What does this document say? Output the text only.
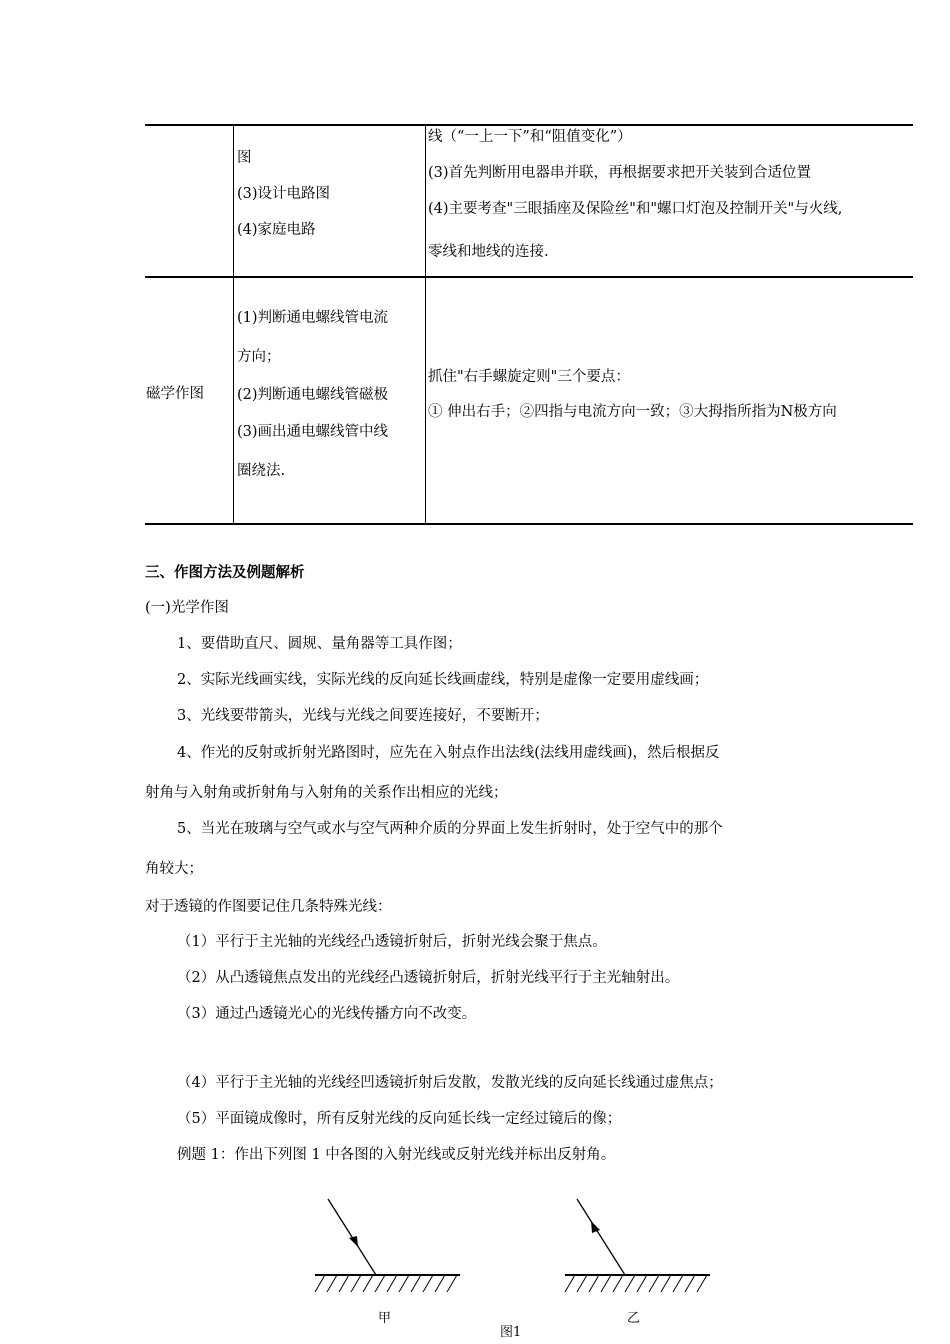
图
(3)设计电路图
(4)家庭电路
线（“一上一下”和“阻值变化”）
(3)首先判断用电器串并联，再根据要求把开关装到合适位置
(4)主要考查"三眼插座及保险丝"和"螺口灯泡及控制开关"与火线,
零线和地线的连接.
磁学作图
(1)判断通电螺线管电流
方向；
(2)判断通电螺线管磁极
(3)画出通电螺线管中线
圈绕法.
抓住"右手螺旋定则"三个要点：
① 伸出右手；②四指与电流方向一致；③大拇指所指为N极方向
三、作图方法及例题解析
(一)光学作图
1、要借助直尺、圆规、量角器等工具作图；
2、实际光线画实线，实际光线的反向延长线画虚线，特别是虚像一定要用虚线画；
3、光线要带箭头，光线与光线之间要连接好，不要断开；
4、作光的反射或折射光路图时，应先在入射点作出法线(法线用虚线画)，然后根据反
射角与入射角或折射角与入射角的关系作出相应的光线；
5、当光在玻璃与空气或水与空气两种介质的分界面上发生折射时，处于空气中的那个
角较大；
对于透镜的作图要记住几条特殊光线：
（1）平行于主光轴的光线经凸透镜折射后，折射光线会聚于焦点。
（2）从凸透镜焦点发出的光线经凸透镜折射后，折射光线平行于主光轴射出。
（3）通过凸透镜光心的光线传播方向不改变。
（4）平行于主光轴的光线经凹透镜折射后发散，发散光线的反向延长线通过虚焦点；
（5）平面镜成像时，所有反射光线的反向延长线一定经过镜后的像；
例题 1：作出下列图 1 中各图的入射光线或反射光线并标出反射角。
甲	乙
图1
